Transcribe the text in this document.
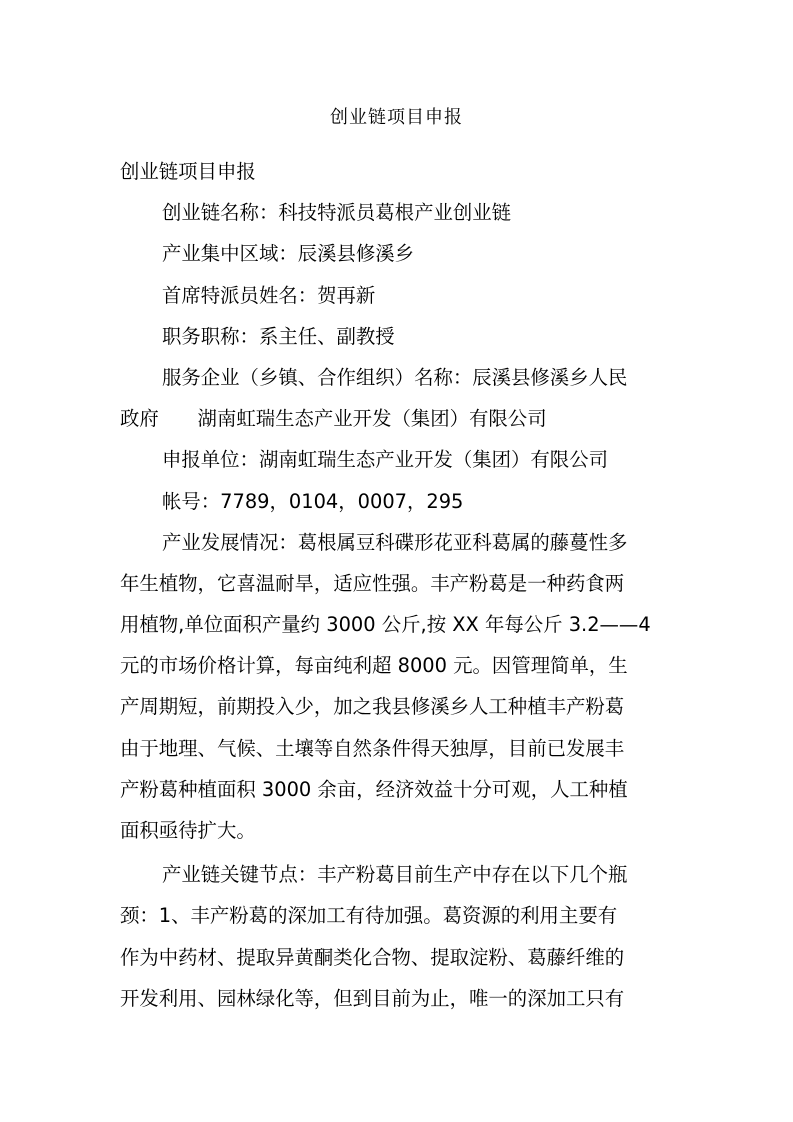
创业链项目申报
创业链项目申报
创业链名称：科技特派员葛根产业创业链
产业集中区域：辰溪县修溪乡
首席特派员姓名：贺再新
职务职称：系主任、副教授
服务企业（乡镇、合作组织）名称：辰溪县修溪乡人民
政府　　湖南虹瑞生态产业开发（集团）有限公司
申报单位：湖南虹瑞生态产业开发（集团）有限公司
帐号：7789，0104，0007，295
产业发展情况：葛根属豆科碟形花亚科葛属的藤蔓性多
年生植物，它喜温耐旱，适应性强。丰产粉葛是一种药食两
用植物,单位面积产量约 3000 公斤,按 XX 年每公斤 3.2——4
元的市场价格计算，每亩纯利超 8000 元。因管理简单，生
产周期短，前期投入少，加之我县修溪乡人工种植丰产粉葛
由于地理、气候、土壤等自然条件得天独厚，目前已发展丰
产粉葛种植面积 3000 余亩，经济效益十分可观，人工种植
面积亟待扩大。
产业链关键节点：丰产粉葛目前生产中存在以下几个瓶
颈：1、丰产粉葛的深加工有待加强。葛资源的利用主要有
作为中药材、提取异黄酮类化合物、提取淀粉、葛藤纤维的
开发利用、园林绿化等，但到目前为止，唯一的深加工只有
